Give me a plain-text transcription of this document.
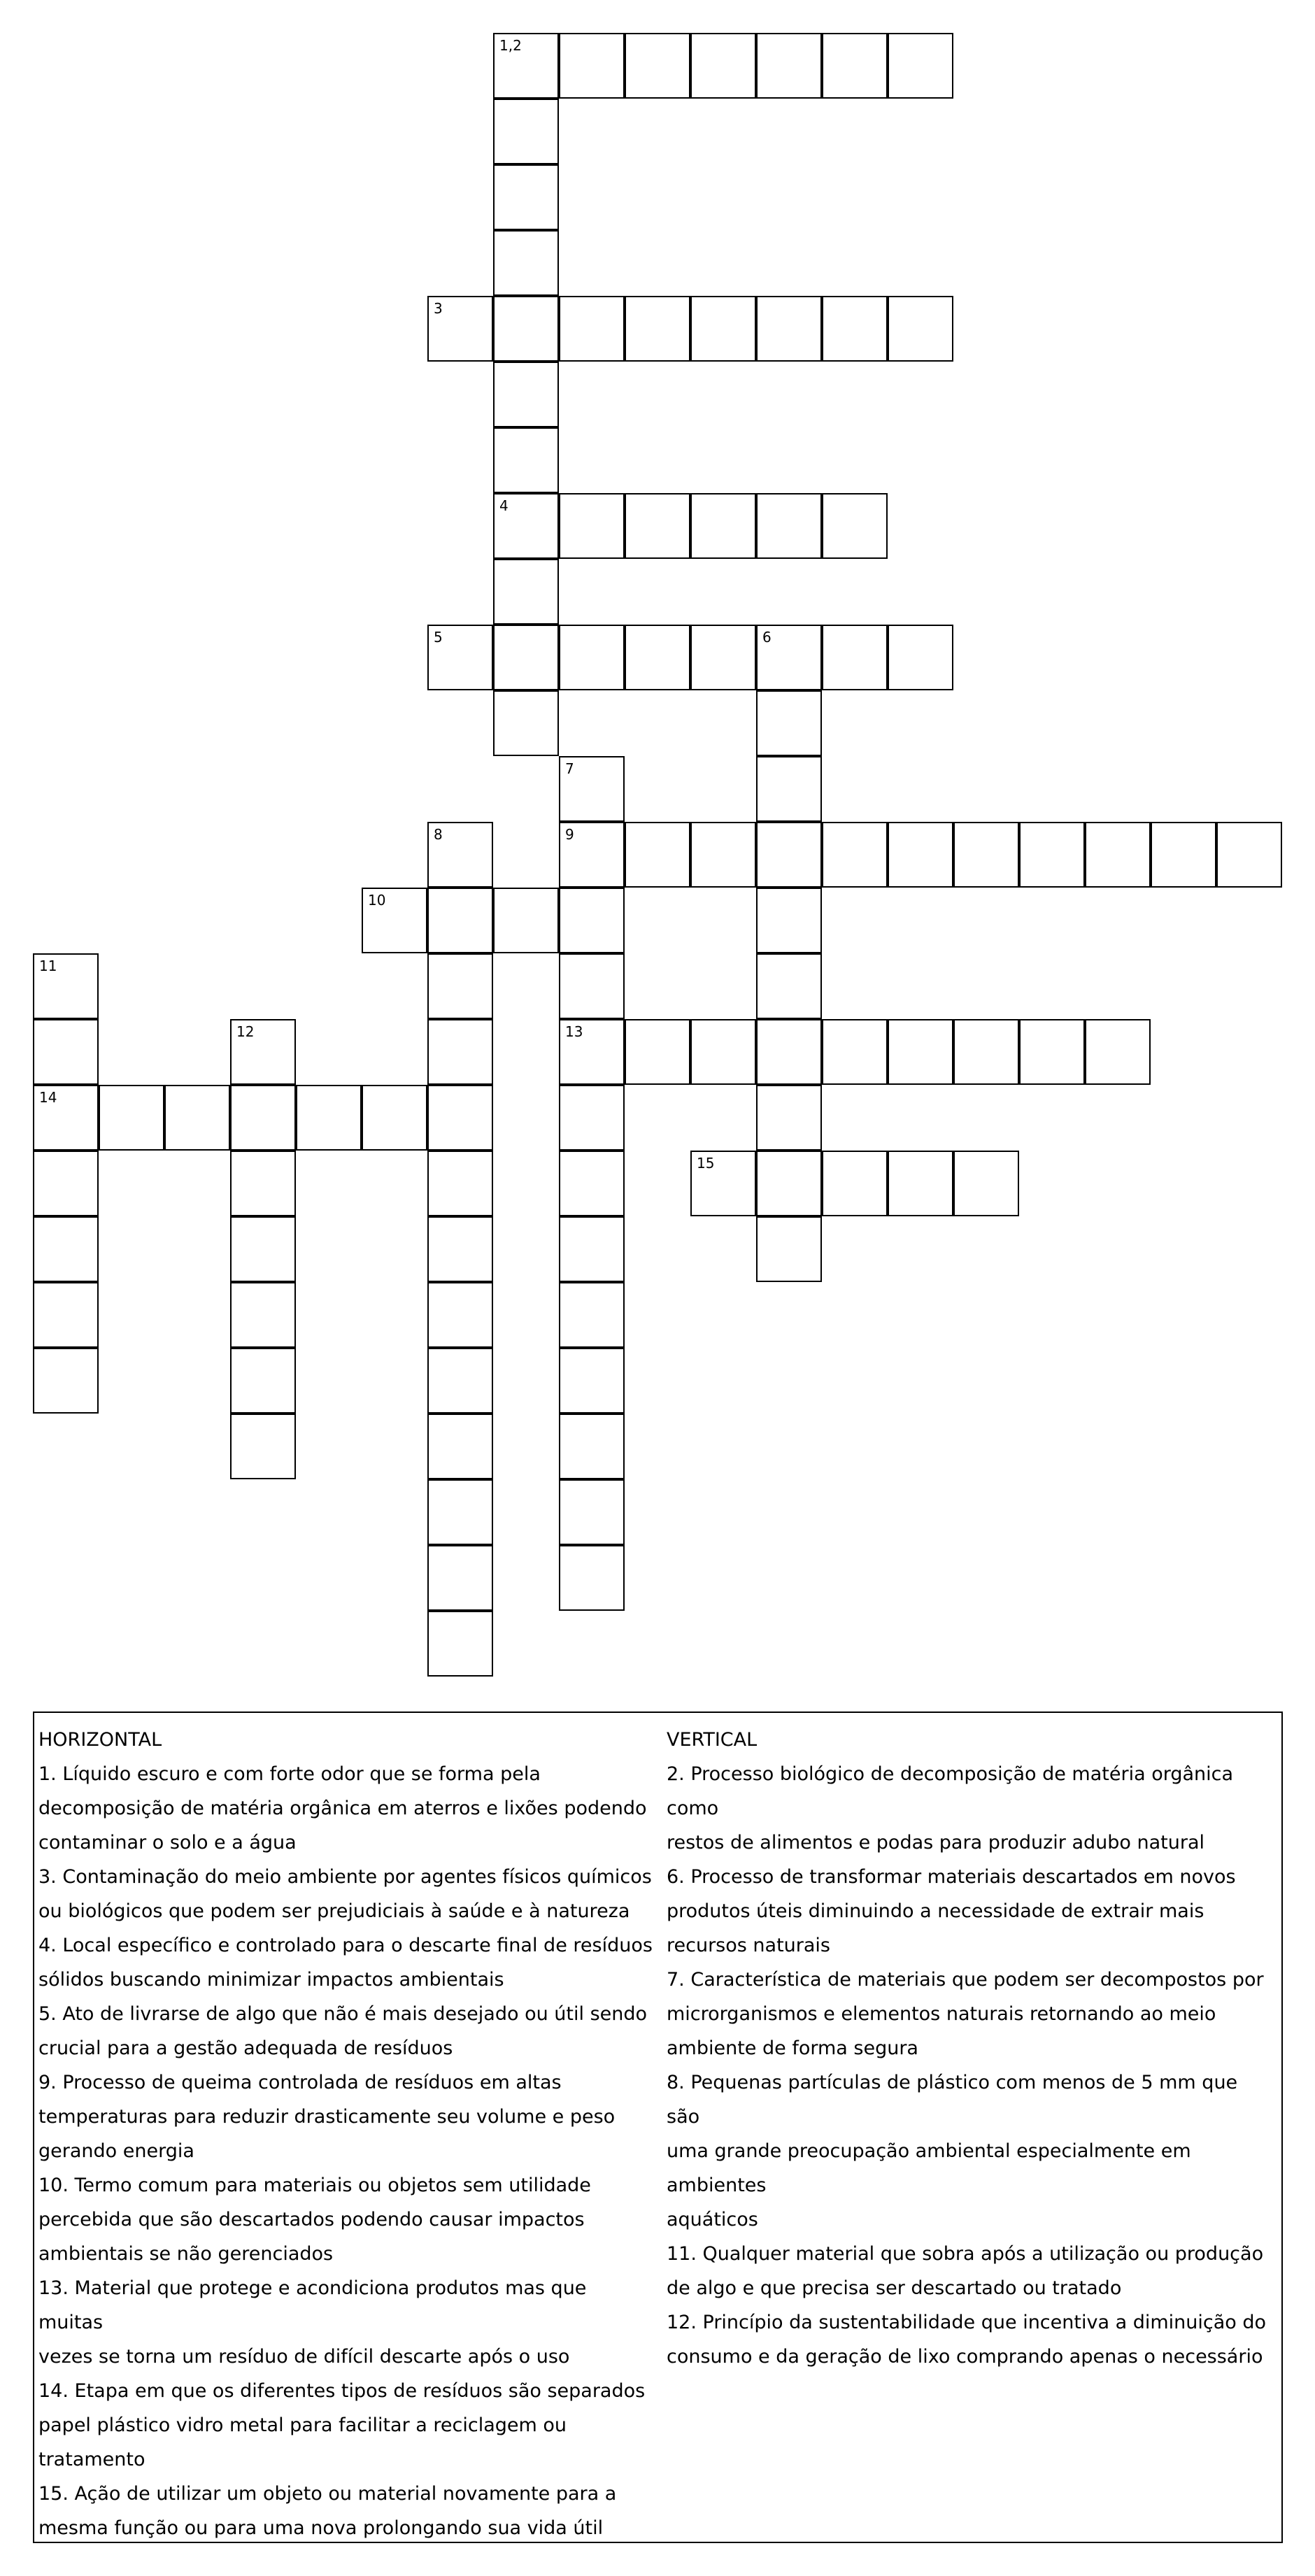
1,2
3
4
5	6
7
8	9
10
11
12	13
14
15

HORIZONTAL

1. Líquido escuro e com forte odor que se forma pela

decomposição de matéria orgânica em aterros e lixões podendo

contaminar o solo e a água

3. Contaminação do meio ambiente por agentes físicos químicos

ou biológicos que podem ser prejudiciais à saúde e à natureza

4. Local específico e controlado para o descarte final de resíduos

sólidos buscando minimizar impactos ambientais

5. Ato de livrarse de algo que não é mais desejado ou útil sendo

crucial para a gestão adequada de resíduos

9. Processo de queima controlada de resíduos em altas

temperaturas para reduzir drasticamente seu volume e peso

gerando energia

10. Termo comum para materiais ou objetos sem utilidade

percebida que são descartados podendo causar impactos

ambientais se não gerenciados

13. Material que protege e acondiciona produtos mas que muitas

vezes se torna um resíduo de difícil descarte após o uso

14. Etapa em que os diferentes tipos de resíduos são separados

papel plástico vidro metal para facilitar a reciclagem ou

tratamento

15. Ação de utilizar um objeto ou material novamente para a

mesma função ou para uma nova prolongando sua vida útil

VERTICAL

2. Processo biológico de decomposição de matéria orgânica como

restos de alimentos e podas para produzir adubo natural

6. Processo de transformar materiais descartados em novos

produtos úteis diminuindo a necessidade de extrair mais

recursos naturais

7. Característica de materiais que podem ser decompostos por

microrganismos e elementos naturais retornando ao meio

ambiente de forma segura

8. Pequenas partículas de plástico com menos de 5 mm que são

uma grande preocupação ambiental especialmente em ambientes

aquáticos

11. Qualquer material que sobra após a utilização ou produção

de algo e que precisa ser descartado ou tratado

12. Princípio da sustentabilidade que incentiva a diminuição do

consumo e da geração de lixo comprando apenas o necessário
